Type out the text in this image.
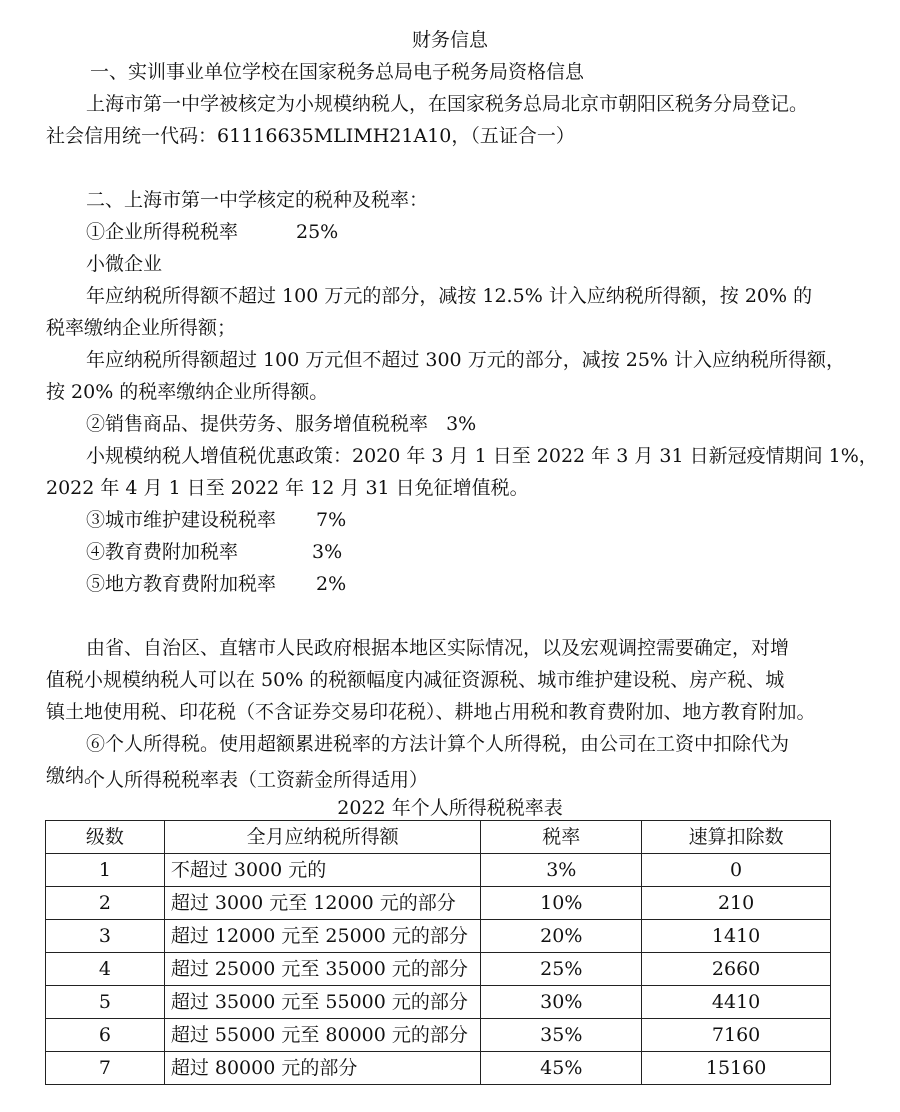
财务信息
一、实训事业单位学校在国家税务总局电子税务局资格信息
上海市第一中学被核定为小规模纳税人，在国家税务总局北京市朝阳区税务分局登记。
社会信用统一代码：61116635MLIMH21A10，（五证合一）
二、上海市第一中学核定的税种及税率：
①企业所得税税率	25%
小微企业
年应纳税所得额不超过 100 万元的部分，减按 12.5% 计入应纳税所得额，按 20% 的
税率缴纳企业所得额；
年应纳税所得额超过 100 万元但不超过 300 万元的部分，减按 25% 计入应纳税所得额，
按 20% 的税率缴纳企业所得额。
②销售商品、提供劳务、服务增值税税率 3%
小规模纳税人增值税优惠政策：2020 年 3 月 1 日至 2022 年 3 月 31 日新冠疫情期间 1%，
2022 年 4 月 1 日至 2022 年 12 月 31 日免征增值税。
③城市维护建设税税率 7%
④教育费附加税率	3%
⑤地方教育费附加税率 2%
由省、自治区、直辖市人民政府根据本地区实际情况，以及宏观调控需要确定，对增
值税小规模纳税人可以在 50% 的税额幅度内减征资源税、城市维护建设税、房产税、城
镇土地使用税、印花税（不含证券交易印花税）、耕地占用税和教育费附加、地方教育附加。
⑥个人所得税。使用超额累进税率的方法计算个人所得税，由公司在工资中扣除代为
缴纳。
2022 年个人所得税税率表
级数	全月应纳税所得额	税率	速算扣除数
1	不超过 3000 元的	3%	0
2	超过 3000 元至 12000 元的部分	10%	210
3	超过 12000 元至 25000 元的部分	20%	1410
4	超过 25000 元至 35000 元的部分	25%	2660
5	超过 35000 元至 55000 元的部分	30%	4410
6	超过 55000 元至 80000 元的部分	35%	7160
7	超过 80000 元的部分	45%	15160
个人所得税税率表（工资薪金所得适用）
